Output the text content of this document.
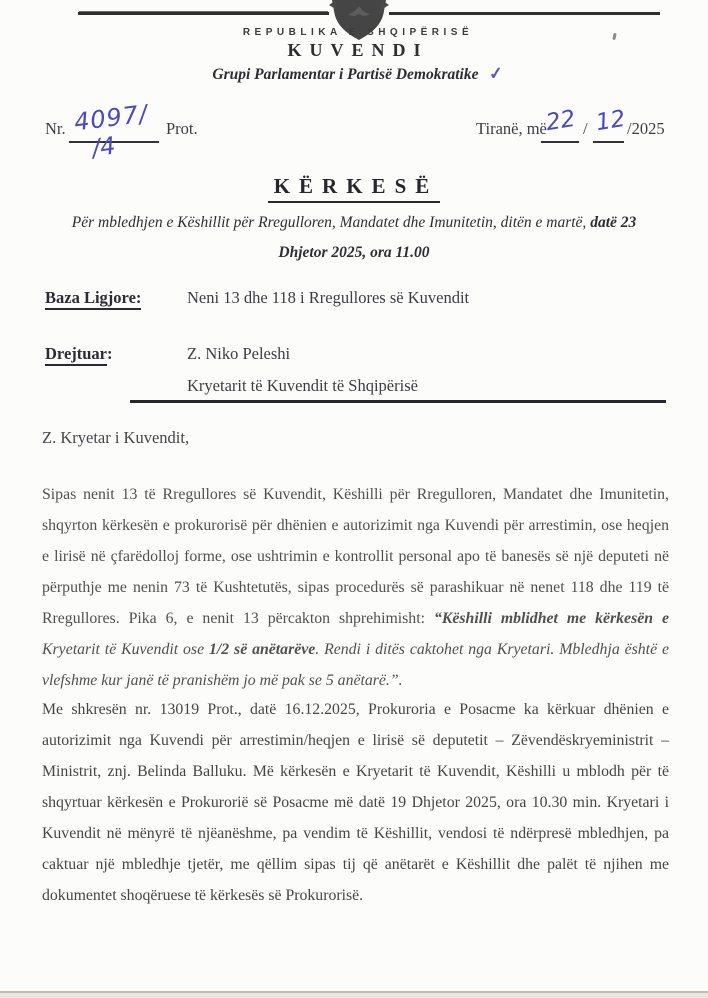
REPUBLIKA E SHQIPËRISË
KUVENDI
Grupi Parlamentar i Partisë Demokratike ✓
Nr. 4097/
/4
Prot.	Tiranë, më
22 / 12 /2025
KËRKESË
Për mbledhjen e Këshillit për Rregulloren, Mandatet dhe Imunitetin, ditën e martë, datë 23
Dhjetor 2025, ora 11.00
Baza Ligjore:	Neni 13 dhe 118 i Rregullores së Kuvendit
Drejtuar:	Z. Niko Peleshi
Kryetarit të Kuvendit të Shqipërisë
Z. Kryetar i Kuvendit,

Sipas nenit 13 të Rregullores së Kuvendit, Këshilli për Rregulloren, Mandatet dhe Imunitetin, shqyrton kërkesën e prokurorisë për dhënien e autorizimit nga Kuvendi për arrestimin, ose heqjen e lirisë në çfarëdolloj forme, ose ushtrimin e kontrollit personal apo të banesës së një deputeti në përputhje me nenin 73 të Kushtetutës, sipas procedurës së parashikuar në nenet 118 dhe 119 të Rregullores. Pika 6, e nenit 13 përcakton shprehimisht: “Këshilli mblidhet me kërkesën e Kryetarit të Kuvendit ose 1/2 së anëtarëve. Rendi i ditës caktohet nga Kryetari. Mbledhja është e vlefshme kur janë të pranishëm jo më pak se 5 anëtarë.”.

Me shkresën nr. 13019 Prot., datë 16.12.2025, Prokuroria e Posacme ka kërkuar dhënien e autorizimit nga Kuvendi për arrestimin/heqjen e lirisë së deputetit – Zëvendëskryeministrit – Ministrit, znj. Belinda Balluku. Më kërkesën e Kryetarit të Kuvendit, Këshilli u mblodh për të shqyrtuar kërkesën e Prokurorië së Posacme më datë 19 Dhjetor 2025, ora 10.30 min. Kryetari i Kuvendit në mënyrë të njëanëshme, pa vendim të Këshillit, vendosi të ndërpresë mbledhjen, pa caktuar një mbledhje tjetër, me qëllim sipas tij që anëtarët e Këshillit dhe palët të njihen me dokumentet shoqëruese të kërkesës së Prokurorisë.
